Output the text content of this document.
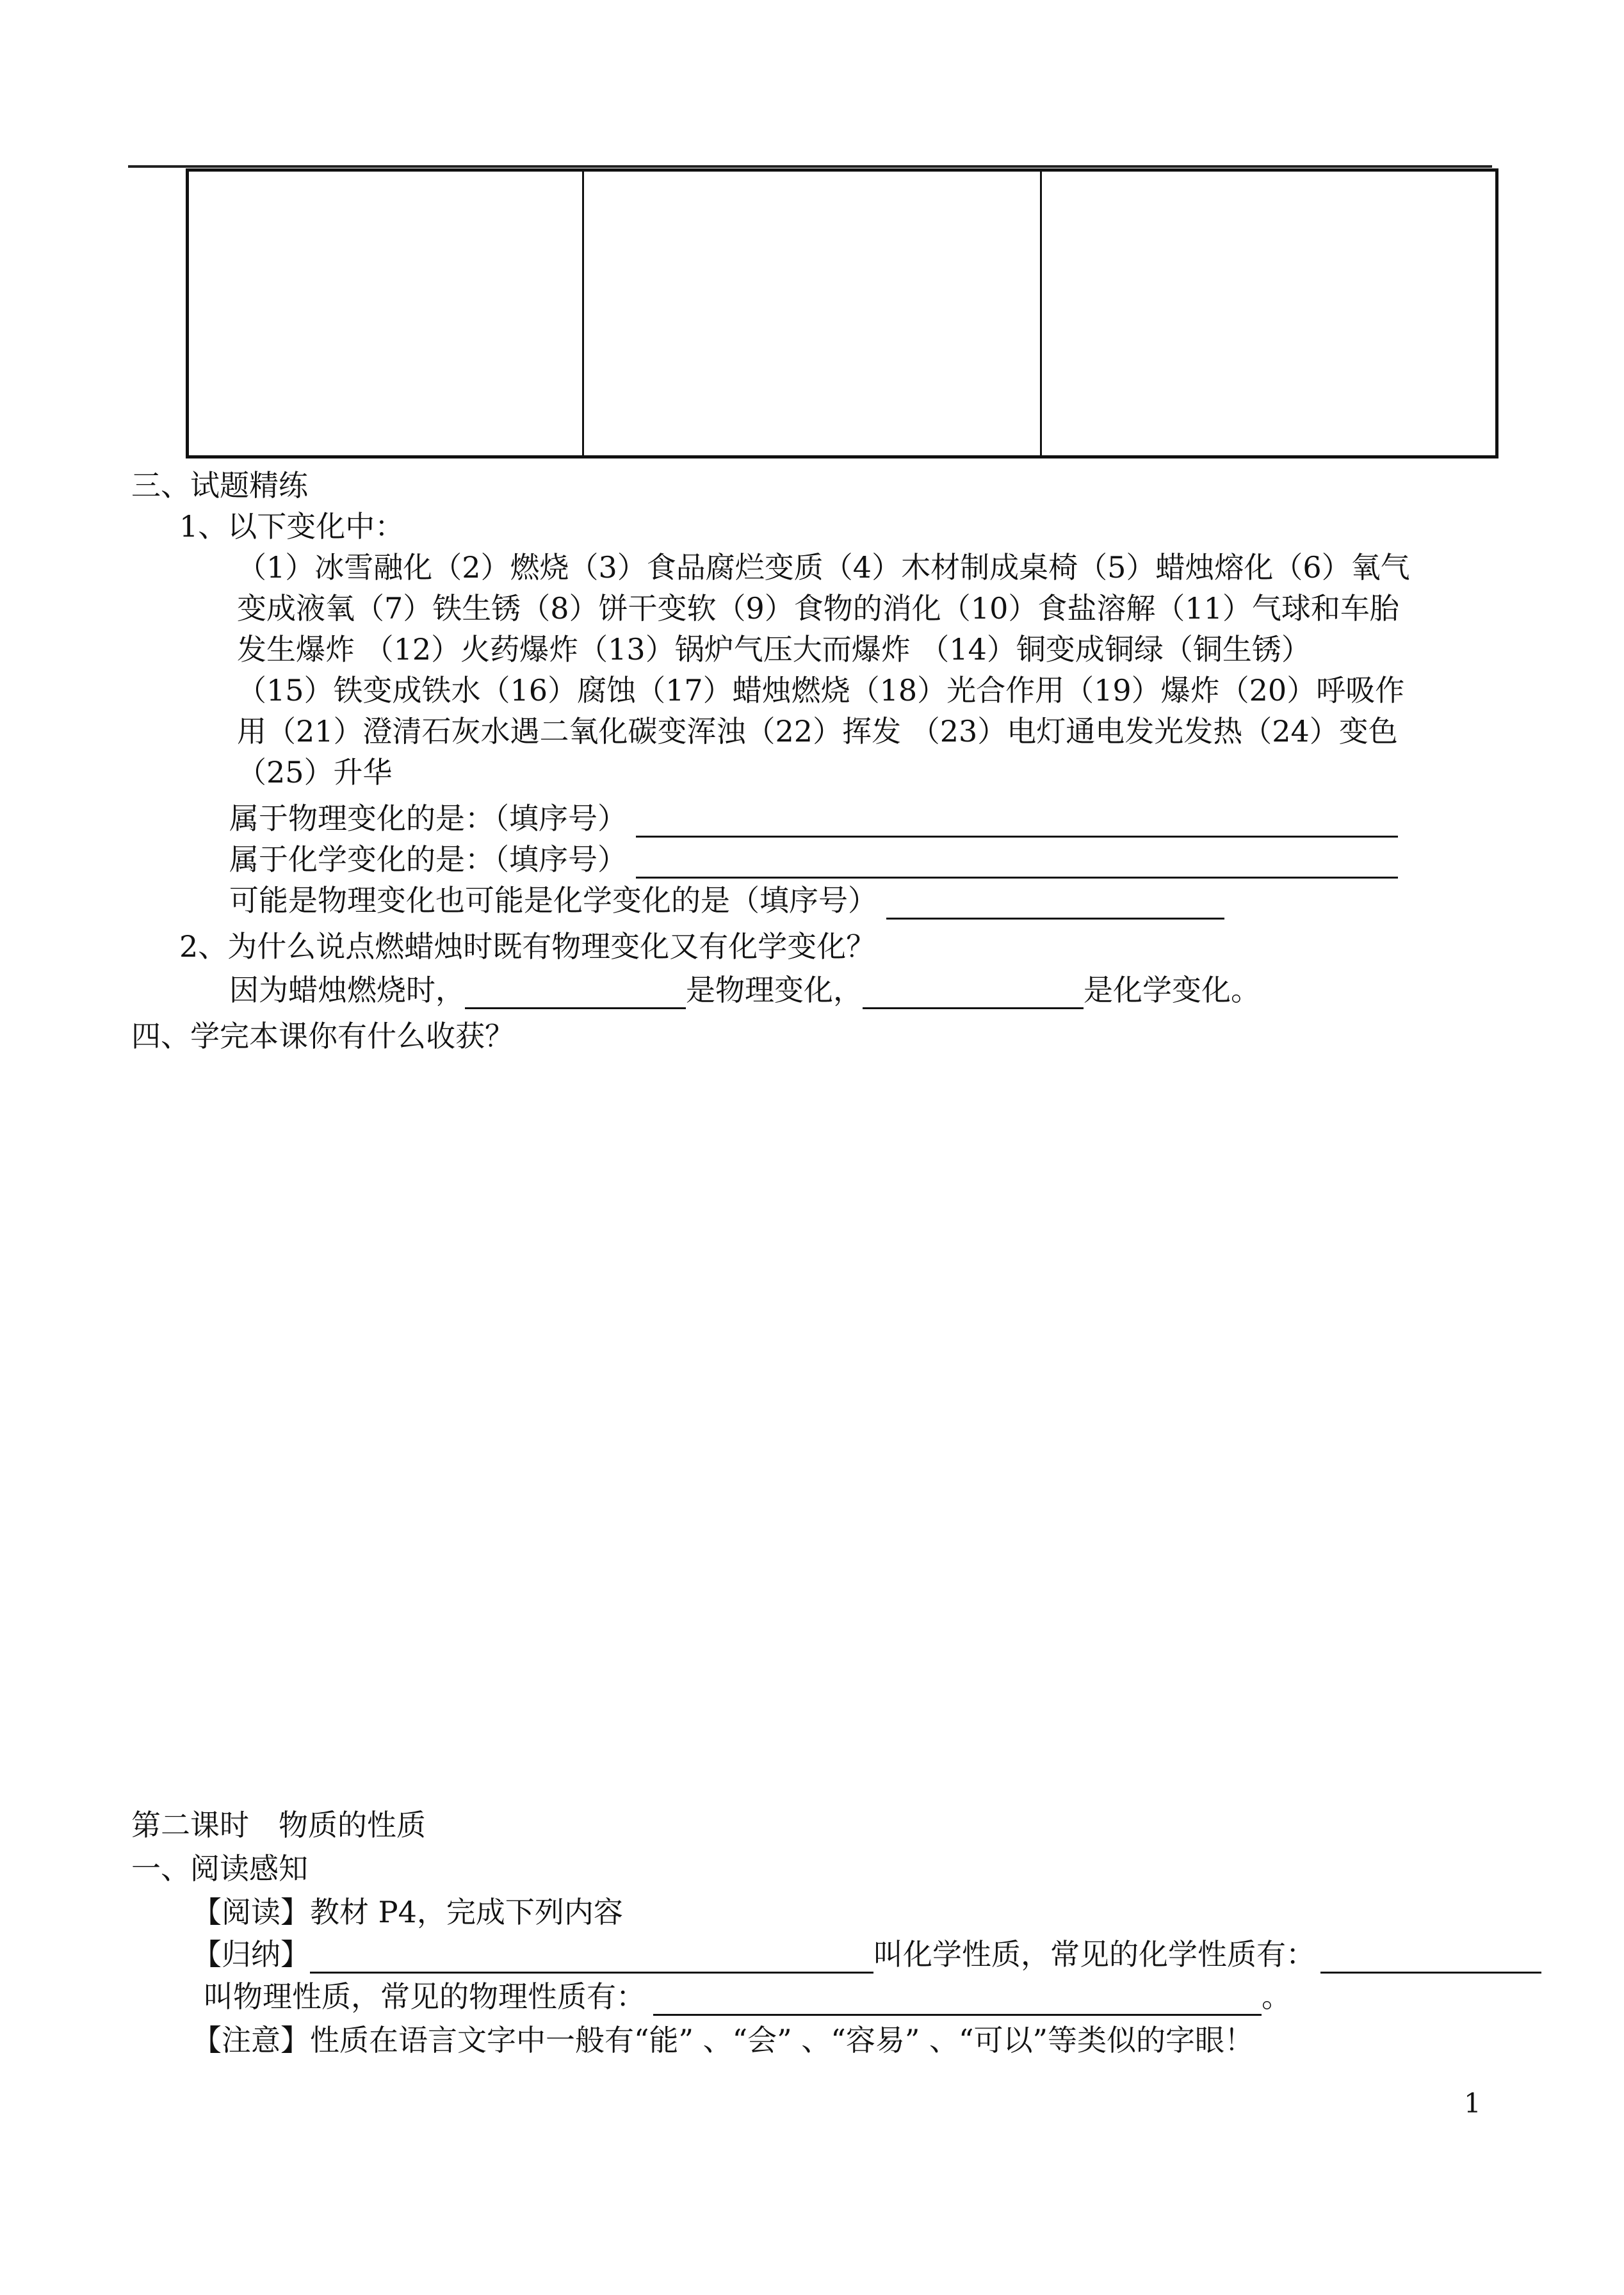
三、试题精练
1、以下变化中：
（1）冰雪融化（2）燃烧（3）食品腐烂变质（4）木材制成桌椅（5）蜡烛熔化（6）氧气
变成液氧（7）铁生锈（8）饼干变软（9）食物的消化（10）食盐溶解（11）气球和车胎
发生爆炸 （12）火药爆炸（13）锅炉气压大而爆炸 （14）铜变成铜绿（铜生锈）
（15）铁变成铁水（16）腐蚀（17）蜡烛燃烧（18）光合作用（19）爆炸（20）呼吸作
用（21）澄清石灰水遇二氧化碳变浑浊（22）挥发 （23）电灯通电发光发热（24）变色
（25）升华
属于物理变化的是：（填序号）
属于化学变化的是：（填序号）
可能是物理变化也可能是化学变化的是（填序号）
2、为什么说点燃蜡烛时既有物理变化又有化学变化？
因为蜡烛燃烧时，	是物理变化，	是化学变化。
四、学完本课你有什么收获？
第二课时　物质的性质
一、阅读感知
【阅读】教材 P4，完成下列内容
【归纳】	叫化学性质，常见的化学性质有：
叫物理性质，常见的物理性质有：	。
【注意】性质在语言文字中一般有“能” 、“会” 、“容易” 、“可以”等类似的字眼！
1
